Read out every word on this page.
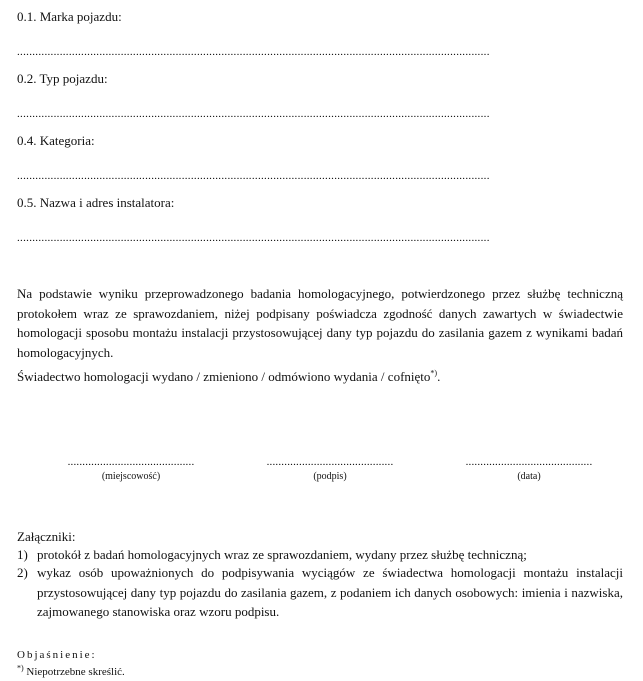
0.1. Marka pojazdu:
...........................................................................................................................................................
0.2. Typ pojazdu:
...........................................................................................................................................................
0.4. Kategoria:
...........................................................................................................................................................
0.5. Nazwa i adres instalatora:
...........................................................................................................................................................

Na podstawie wyniku przeprowadzonego badania homologacyjnego, potwierdzonego przez służbę techniczną protokołem wraz ze sprawozdaniem, niżej podpisany poświadcza zgodność danych zawartych w świadectwie homologacji sposobu montażu instalacji przystosowującej dany typ pojazdu do zasilania gazem z wynikami badań homologacyjnych.

Świadectwo homologacji wydano / zmieniono / odmówiono wydania / cofnięto*).
...........................................
(miejscowość)
...........................................
(podpis)
...........................................
(data)
Załączniki:
1) protokół z badań homologacyjnych wraz ze sprawozdaniem, wydany przez służbę techniczną;
2) wykaz osób upoważnionych do podpisywania wyciągów ze świadectwa homologacji montażu instalacji przystosowującej dany typ pojazdu do zasilania gazem, z podaniem ich danych osobowych: imienia i nazwiska, zajmowanego stanowiska oraz wzoru podpisu.
Objaśnienie:
*) Niepotrzebne skreślić.
